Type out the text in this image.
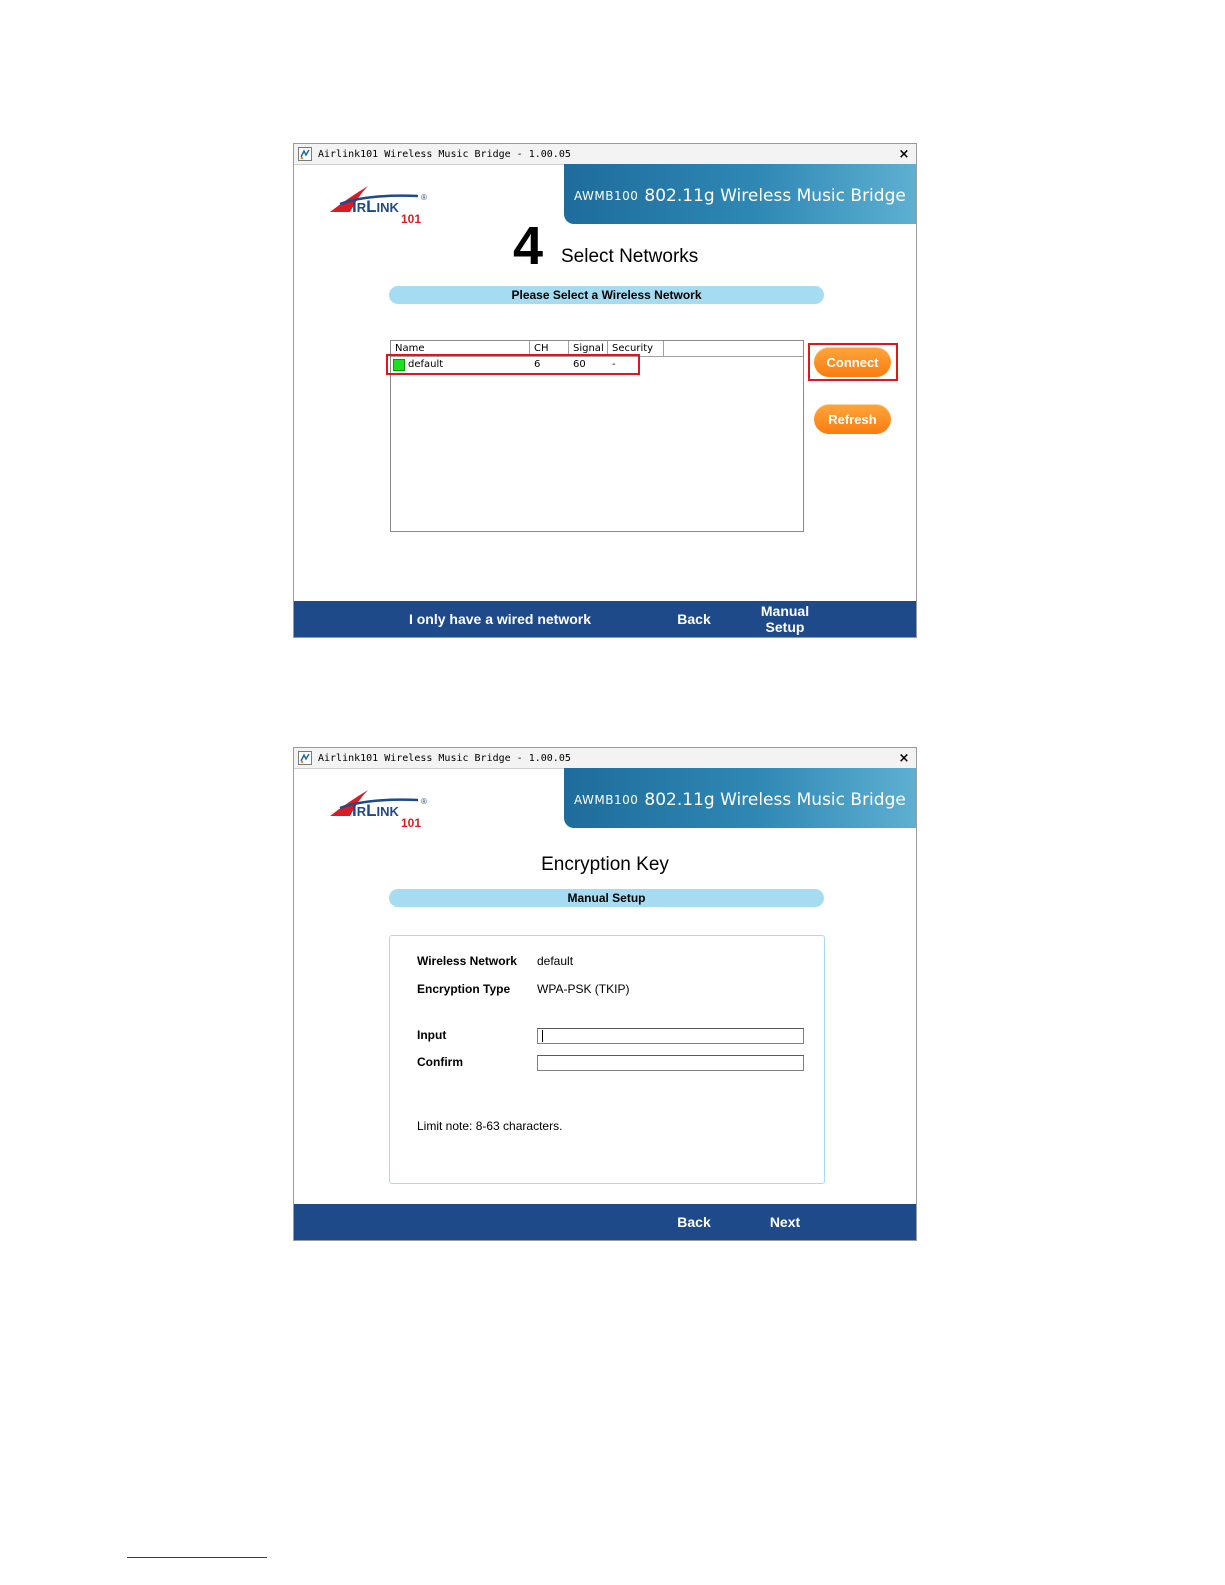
Airlink101 Wireless Music Bridge - 1.00.05	×
IRLINK
®
101
AWMB100 802.11g Wireless Music Bridge
4 Select Networks
Please Select a Wireless Network
Name	CH	Signal Security
default	6	60	-	Connect
Refresh
I only have a wired network	Back	Manual
Setup
Airlink101 Wireless Music Bridge - 1.00.05	×
IRLINK
®
101
AWMB100 802.11g Wireless Music Bridge
Encryption Key
Manual Setup
Wireless Network default
Encryption Type WPA-PSK (TKIP)
Input
Confirm
Limit note: 8-63 characters.
Back	Next
